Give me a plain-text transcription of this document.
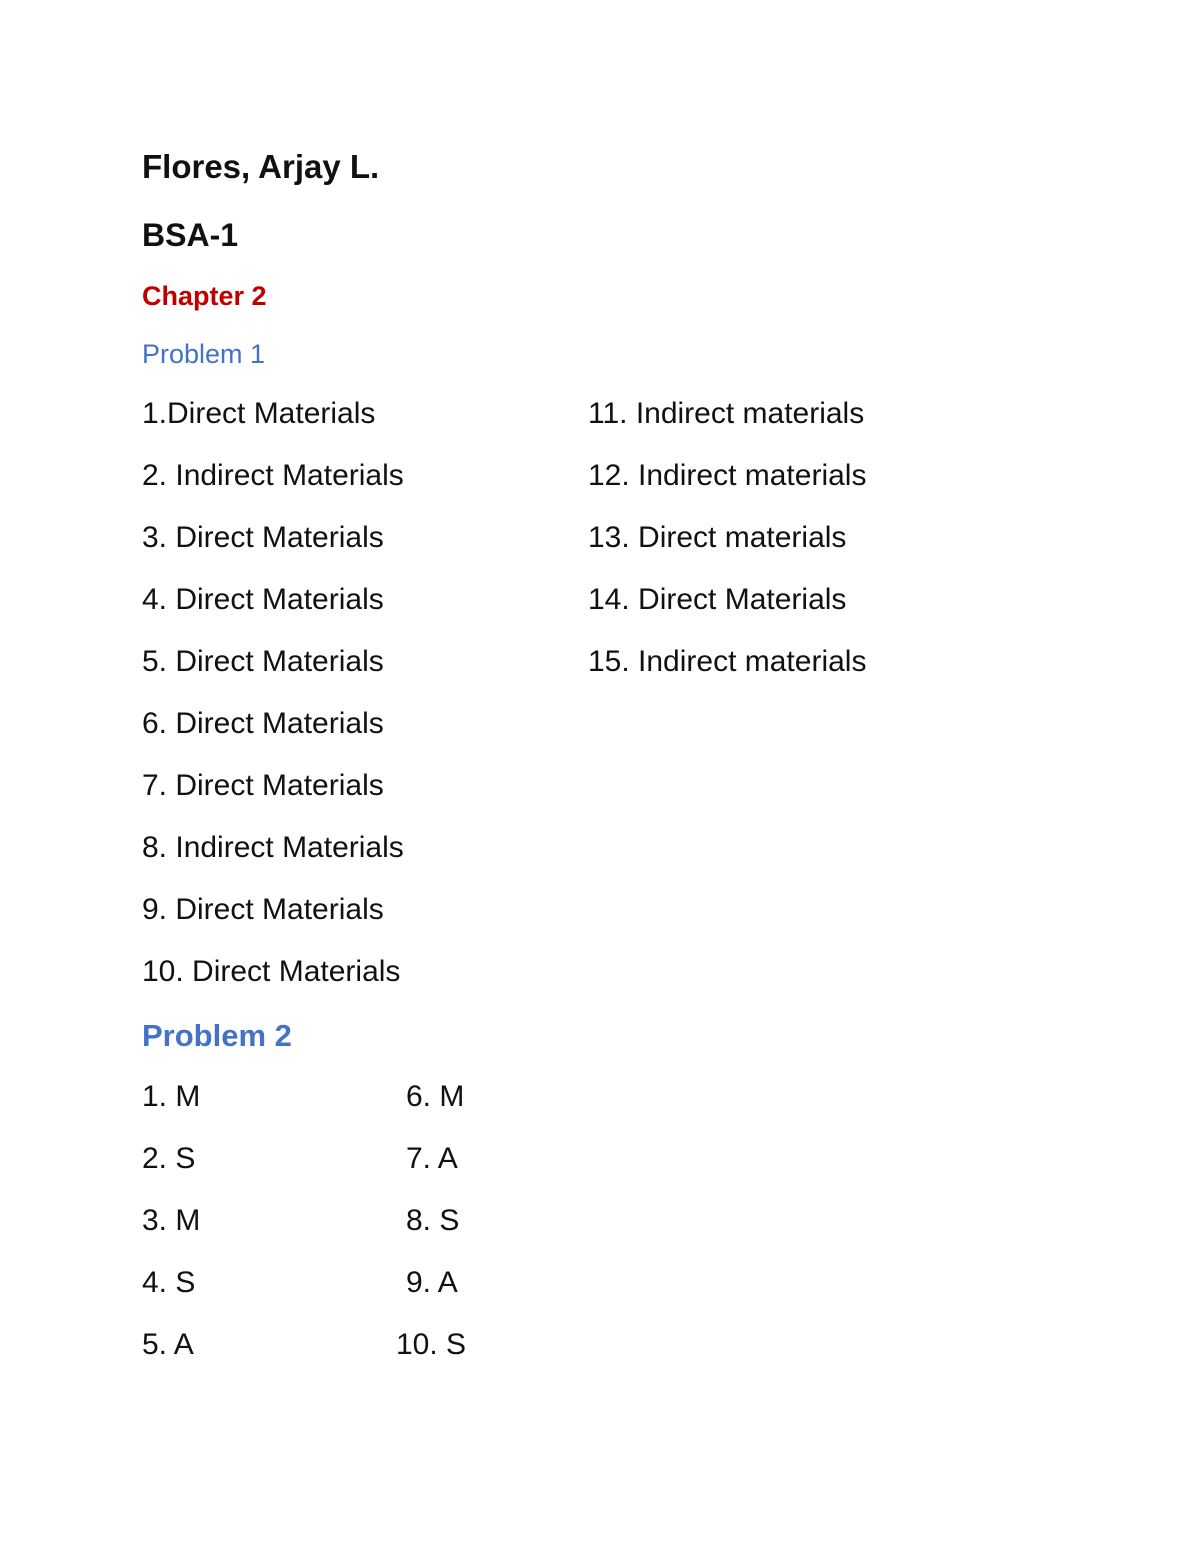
Flores, Arjay L.
BSA-1
Chapter 2
Problem 1
1.Direct Materials
2. Indirect Materials
3. Direct Materials
4. Direct Materials
5. Direct Materials
6. Direct Materials
7. Direct Materials
8. Indirect Materials
9. Direct Materials
10. Direct Materials
11. Indirect materials
12. Indirect materials
13. Direct materials
14. Direct Materials
15. Indirect materials
Problem 2
1. M
2. S
3. M
4. S
5. A
6. M
7. A
8. S
9. A
10. S
